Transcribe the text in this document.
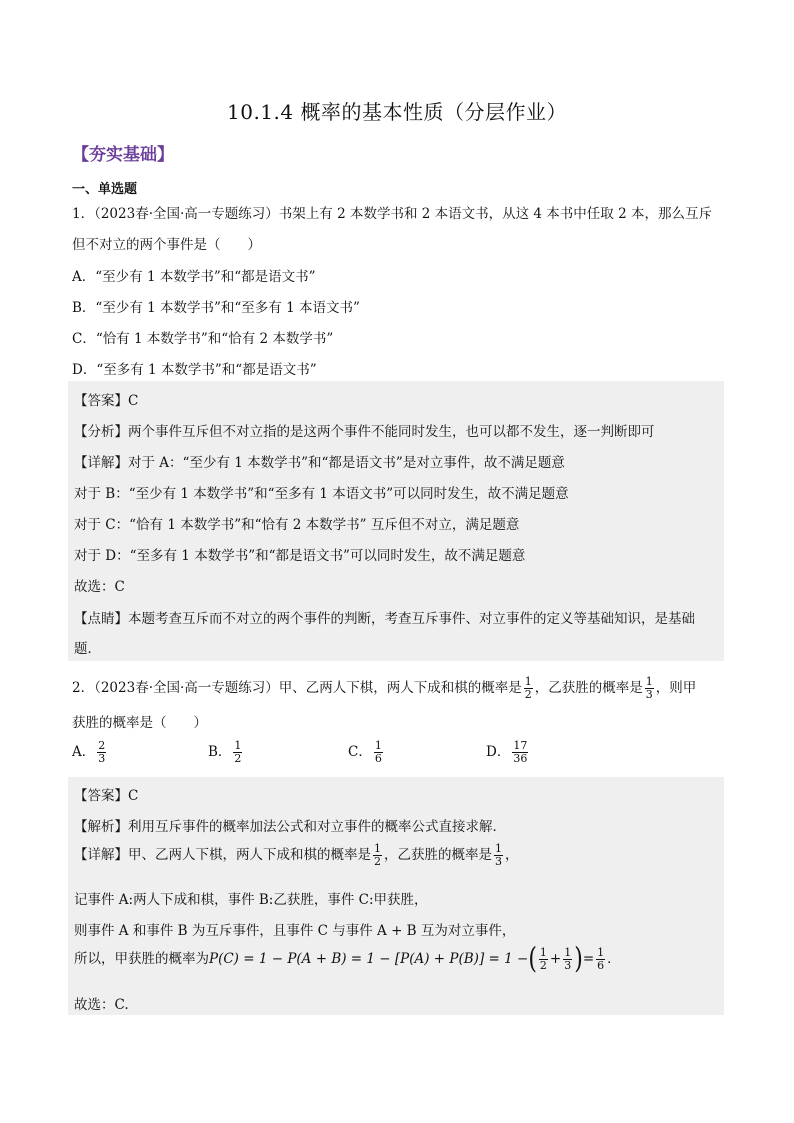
10.1.4 概率的基本性质（分层作业）
【夯实基础】
一、单选题
1．（2023春·全国·高一专题练习）书架上有 2 本数学书和 2 本语文书，从这 4 本书中任取 2 本，那么互斥
但不对立的两个事件是（　　）
A．“至少有 1 本数学书”和“都是语文书”
B．“至少有 1 本数学书”和“至多有 1 本语文书”
C．“恰有 1 本数学书”和“恰有 2 本数学书”
D．“至多有 1 本数学书”和“都是语文书”
【答案】C
【分析】两个事件互斥但不对立指的是这两个事件不能同时发生，也可以都不发生，逐一判断即可
【详解】对于 A：“至少有 1 本数学书”和“都是语文书”是对立事件，故不满足题意
对于 B：“至少有 1 本数学书”和“至多有 1 本语文书”可以同时发生，故不满足题意
对于 C：“恰有 1 本数学书”和“恰有 2 本数学书” 互斥但不对立，满足题意
对于 D：“至多有 1 本数学书”和“都是语文书”可以同时发生，故不满足题意
故选：C
【点睛】本题考查互斥而不对立的两个事件的判断，考查互斥事件、对立事件的定义等基础知识，是基础
题．
2．（2023春·全国·高一专题练习）甲、乙两人下棋，两人下成和棋的概率是 $\frac{1}{2}$ ，乙获胜的概率是 $\frac{1}{3}$ ，则甲
获胜的概率是（　　）
A． $\frac{2}{3}$	B． $\frac{1}{2}$	C． $\frac{1}{6}$	D． $\frac{17}{36}$
【答案】C
【解析】利用互斥事件的概率加法公式和对立事件的概率公式直接求解．
【详解】甲、乙两人下棋，两人下成和棋的概率是 $\frac{1}{2}$ ，乙获胜的概率是 $\frac{1}{3}$ ，
记事件 A:两人下成和棋，事件 B:乙获胜，事件 C:甲获胜，
则事件 A 和事件 B 为互斥事件，且事件 C 与事件 A + B 互为对立事件，
所以，甲获胜的概率为P(C) = 1 − P(A + B) = 1 − [P(A) + P(B)] = 1 −( $\frac{1}{2} + \frac{1}{3}$ )= $\frac{1}{6}$ ．
故选：C.
